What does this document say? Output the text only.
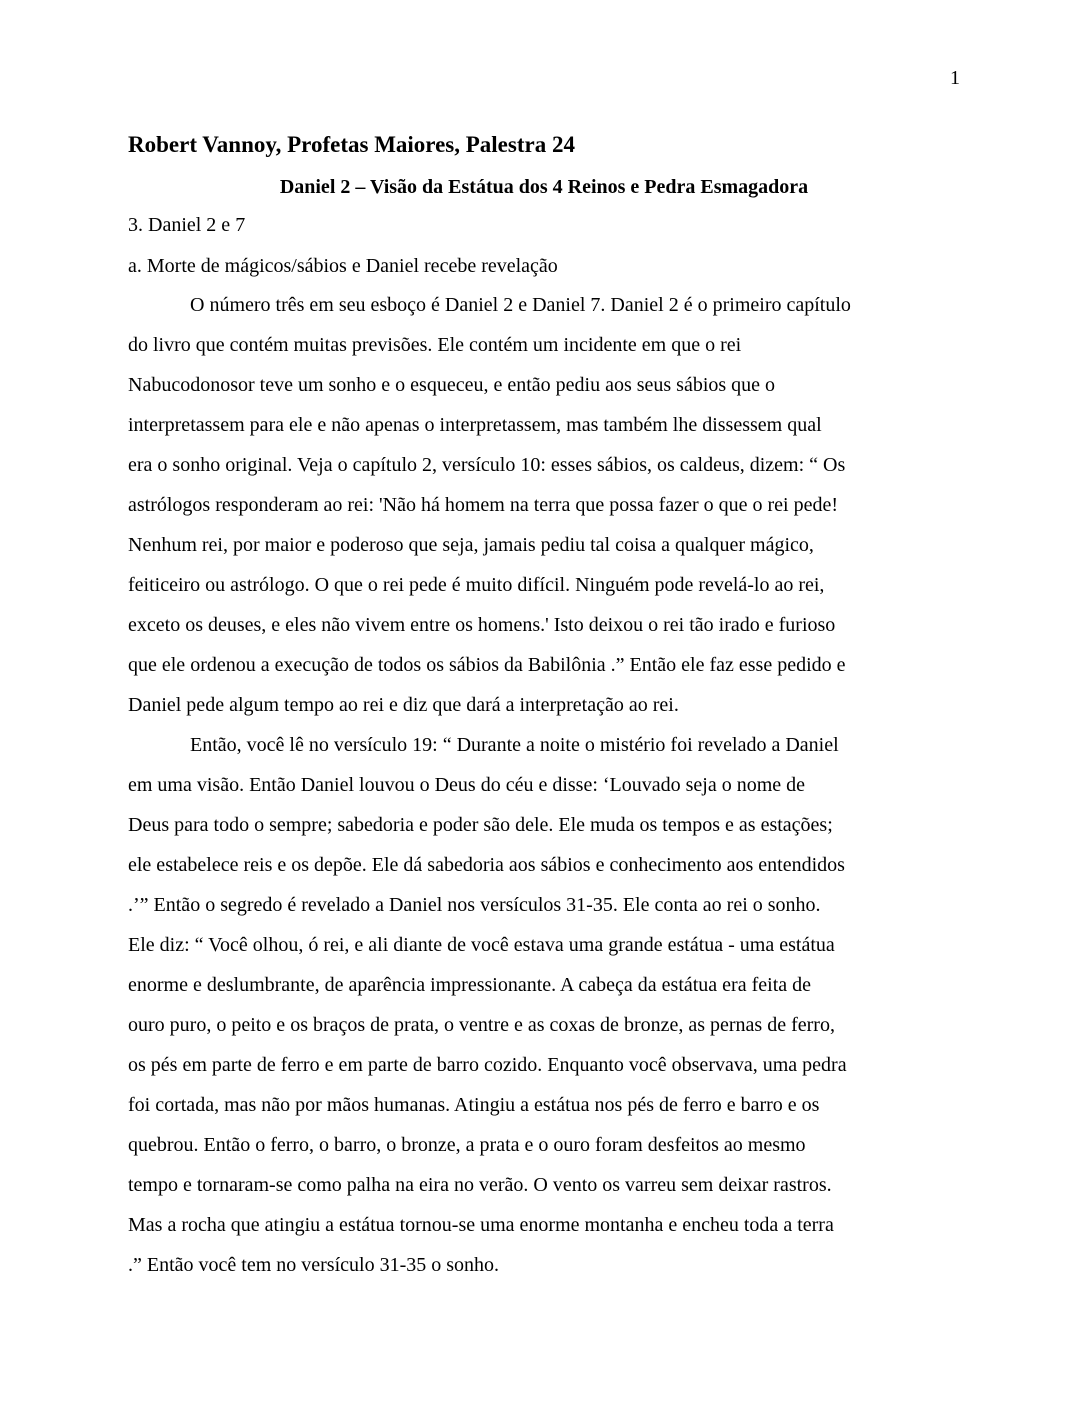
1
Robert Vannoy, Profetas Maiores, Palestra 24
Daniel 2 – Visão da Estátua dos 4 Reinos e Pedra Esmagadora
3. Daniel 2 e 7
a. Morte de mágicos/sábios e Daniel recebe revelação
O número três em seu esboço é Daniel 2 e Daniel 7. Daniel 2 é o primeiro capítulo
do livro que contém muitas previsões. Ele contém um incidente em que o rei
Nabucodonosor teve um sonho e o esqueceu, e então pediu aos seus sábios que o
interpretassem para ele e não apenas o interpretassem, mas também lhe dissessem qual
era o sonho original. Veja o capítulo 2, versículo 10: esses sábios, os caldeus, dizem: “ Os
astrólogos responderam ao rei: 'Não há homem na terra que possa fazer o que o rei pede!
Nenhum rei, por maior e poderoso que seja, jamais pediu tal coisa a qualquer mágico,
feiticeiro ou astrólogo. O que o rei pede é muito difícil. Ninguém pode revelá-lo ao rei,
exceto os deuses, e eles não vivem entre os homens.' Isto deixou o rei tão irado e furioso
que ele ordenou a execução de todos os sábios da Babilônia .” Então ele faz esse pedido e
Daniel pede algum tempo ao rei e diz que dará a interpretação ao rei.
Então, você lê no versículo 19: “ Durante a noite o mistério foi revelado a Daniel
em uma visão. Então Daniel louvou o Deus do céu e disse: ‘Louvado seja o nome de
Deus para todo o sempre; sabedoria e poder são dele. Ele muda os tempos e as estações;
ele estabelece reis e os depõe. Ele dá sabedoria aos sábios e conhecimento aos entendidos
.’” Então o segredo é revelado a Daniel nos versículos 31-35. Ele conta ao rei o sonho.
Ele diz: “ Você olhou, ó rei, e ali diante de você estava uma grande estátua - uma estátua
enorme e deslumbrante, de aparência impressionante. A cabeça da estátua era feita de
ouro puro, o peito e os braços de prata, o ventre e as coxas de bronze, as pernas de ferro,
os pés em parte de ferro e em parte de barro cozido. Enquanto você observava, uma pedra
foi cortada, mas não por mãos humanas. Atingiu a estátua nos pés de ferro e barro e os
quebrou. Então o ferro, o barro, o bronze, a prata e o ouro foram desfeitos ao mesmo
tempo e tornaram-se como palha na eira no verão. O vento os varreu sem deixar rastros.
Mas a rocha que atingiu a estátua tornou-se uma enorme montanha e encheu toda a terra
.” Então você tem no versículo 31-35 o sonho.
